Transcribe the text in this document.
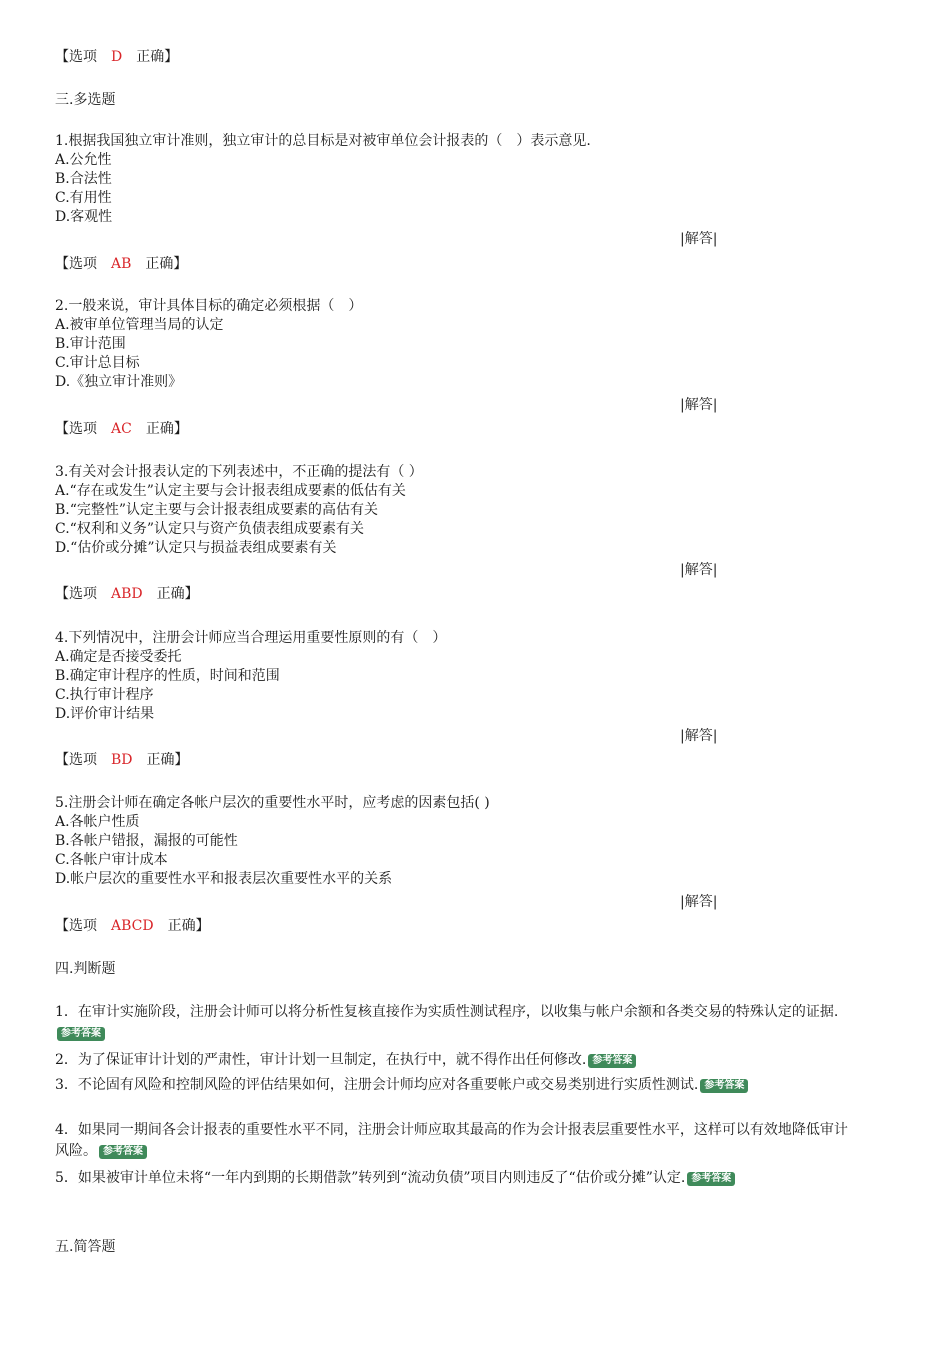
【选项 D 正确】
三.多选题
1.根据我国独立审计准则，独立审计的总目标是对被审单位会计报表的（　）表示意见.
A.公允性
B.合法性
C.有用性
D.客观性
|解答|
【选项 AB 正确】
2.一般来说，审计具体目标的确定必须根据（　）
A.被审单位管理当局的认定
B.审计范围
C.审计总目标
D.《独立审计准则》
|解答|
【选项 AC 正确】
3.有关对会计报表认定的下列表述中，不正确的提法有（ ）
A.“存在或发生”认定主要与会计报表组成要素的低估有关
B.“完整性”认定主要与会计报表组成要素的高估有关
C.“权利和义务”认定只与资产负债表组成要素有关
D.“估价或分摊”认定只与损益表组成要素有关
|解答|
【选项 ABD 正确】
4.下列情况中，注册会计师应当合理运用重要性原则的有（　）
A.确定是否接受委托
B.确定审计程序的性质，时间和范围
C.执行审计程序
D.评价审计结果
|解答|
【选项 BD 正确】
5.注册会计师在确定各帐户层次的重要性水平时，应考虑的因素包括( )
A.各帐户性质
B.各帐户错报，漏报的可能性
C.各帐户审计成本
D.帐户层次的重要性水平和报表层次重要性水平的关系
|解答|
【选项 ABCD 正确】
四.判断题
1．在审计实施阶段，注册会计师可以将分析性复核直接作为实质性测试程序，以收集与帐户余额和各类交易的特殊认定的证据.参考答案
2．为了保证审计计划的严肃性，审计计划一旦制定，在执行中，就不得作出任何修改. 参考答案
3．不论固有风险和控制风险的评估结果如何，注册会计师均应对各重要帐户或交易类别进行实质性测试. 参考答案
4．如果同一期间各会计报表的重要性水平不同，注册会计师应取其最高的作为会计报表层重要性水平，这样可以有效地降低审计风险。 参考答案
5．如果被审计单位未将“一年内到期的长期借款”转列到“流动负债”项目内则违反了“估价或分摊”认定. 参考答案
五.简答题
